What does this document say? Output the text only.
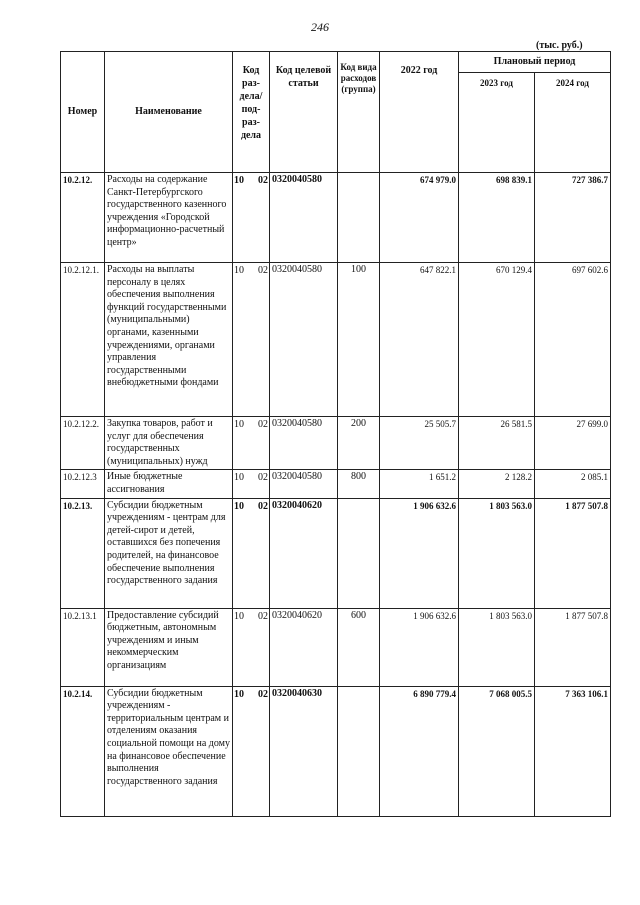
246
(тыс. руб.)
Номер	Наименование	Код раз-дела/ под-раз-дела	Код целевой статьи	Код вида расходов (группа)	2022 год	Плановый период	
						2023 год	2024 год
10.2.12.	Расходы на содержание Санкт-Петербургского государственного казенного учреждения «Городской информационно-расчетный центр»	10 02	0320040580		674 979.0	698 839.1	727 386.7
10.2.12.1.	Расходы на выплаты персоналу в целях обеспечения выполнения функций государственными (муниципальными) органами, казенными учреждениями, органами управления государственными внебюджетными фондами	10 02	0320040580	100	647 822.1	670 129.4	697 602.6
10.2.12.2.	Закупка товаров, работ и услуг для обеспечения государственных (муниципальных) нужд	10 02	0320040580	200	25 505.7	26 581.5	27 699.0
10.2.12.3	Иные бюджетные ассигнования	10 02	0320040580	800	1 651.2	2 128.2	2 085.1
10.2.13.	Субсидии бюджетным учреждениям - центрам для детей-сирот и детей, оставшихся без попечения родителей, на финансовое обеспечение выполнения государственного задания	10 02	0320040620		1 906 632.6	1 803 563.0	1 877 507.8
10.2.13.1	Предоставление субсидий бюджетным, автономным учреждениям и иным некоммерческим организациям	10 02	0320040620	600	1 906 632.6	1 803 563.0	1 877 507.8
10.2.14.	Субсидии бюджетным учреждениям - территориальным центрам и отделениям оказания социальной помощи на дому на финансовое обеспечение выполнения государственного задания	10 02	0320040630		6 890 779.4	7 068 005.5	7 363 106.1
